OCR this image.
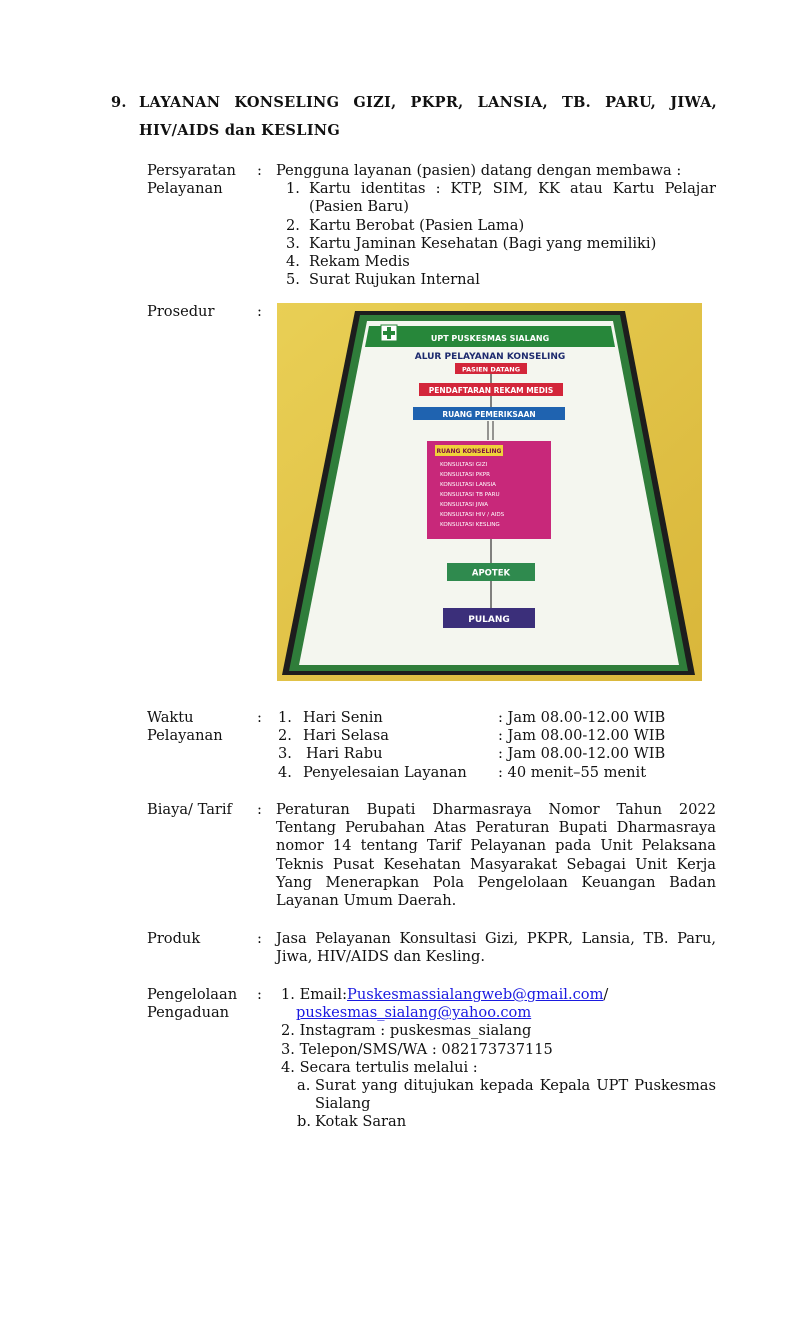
9. LAYANAN KONSELING GIZI, PKPR, LANSIA, TB. PARU, JIWA,
HIV/AIDS dan KESLING
Persyaratan
Pelayanan
: Pengguna layanan (pasien) datang dengan membawa :
1. Kartu identitas : KTP, SIM, KK atau Kartu Pelajar (Pasien Baru)
2. Kartu Berobat (Pasien Lama)
3. Kartu Jaminan Kesehatan (Bagi yang memiliki)
4. Rekam Medis
5. Surat Rujukan Internal
Prosedur	:
UPT PUSKESMAS SIALANG
ALUR PELAYANAN KONSELING
PASIEN DATANG
PENDAFTARAN REKAM MEDIS
RUANG PEMERIKSAAN
RUANG KONSELING
KONSULTASI GIZI
KONSULTASI PKPR
KONSULTASI LANSIA
KONSULTASI TB PARU
KONSULTASI JIWA
KONSULTASI HIV / AIDS
KONSULTASI KESLING
APOTEK
PULANG
Waktu
Pelayanan
: 1. Hari Senin	: Jam 08.00-12.00 WIB
2. Hari Selasa	: Jam 08.00-12.00 WIB
3. Hari Rabu	: Jam 08.00-12.00 WIB
4. Penyelesaian Layanan : 40 menit–55 menit
Biaya/ Tarif : Peraturan Bupati Dharmasraya Nomor Tahun 2022 Tentang Perubahan Atas Peraturan Bupati Dharmasraya nomor 14 tentang Tarif Pelayanan pada Unit Pelaksana Teknis Pusat Kesehatan Masyarakat Sebagai Unit Kerja Yang Menerapkan Pola Pengelolaan Keuangan Badan Layanan Umum Daerah.
Produk	: Jasa Pelayanan Konsultasi Gizi, PKPR, Lansia, TB. Paru, Jiwa, HIV/AIDS dan Kesling.
Pengelolaan
Pengaduan
: 1. Email:Puskesmassialangweb@gmail.com/
puskesmas_sialang@yahoo.com
2. Instagram : puskesmas_sialang
3. Telepon/SMS/WA : 082173737115
4. Secara tertulis melalui :
a. Surat yang ditujukan kepada Kepala UPT Puskesmas Sialang
b. Kotak Saran
